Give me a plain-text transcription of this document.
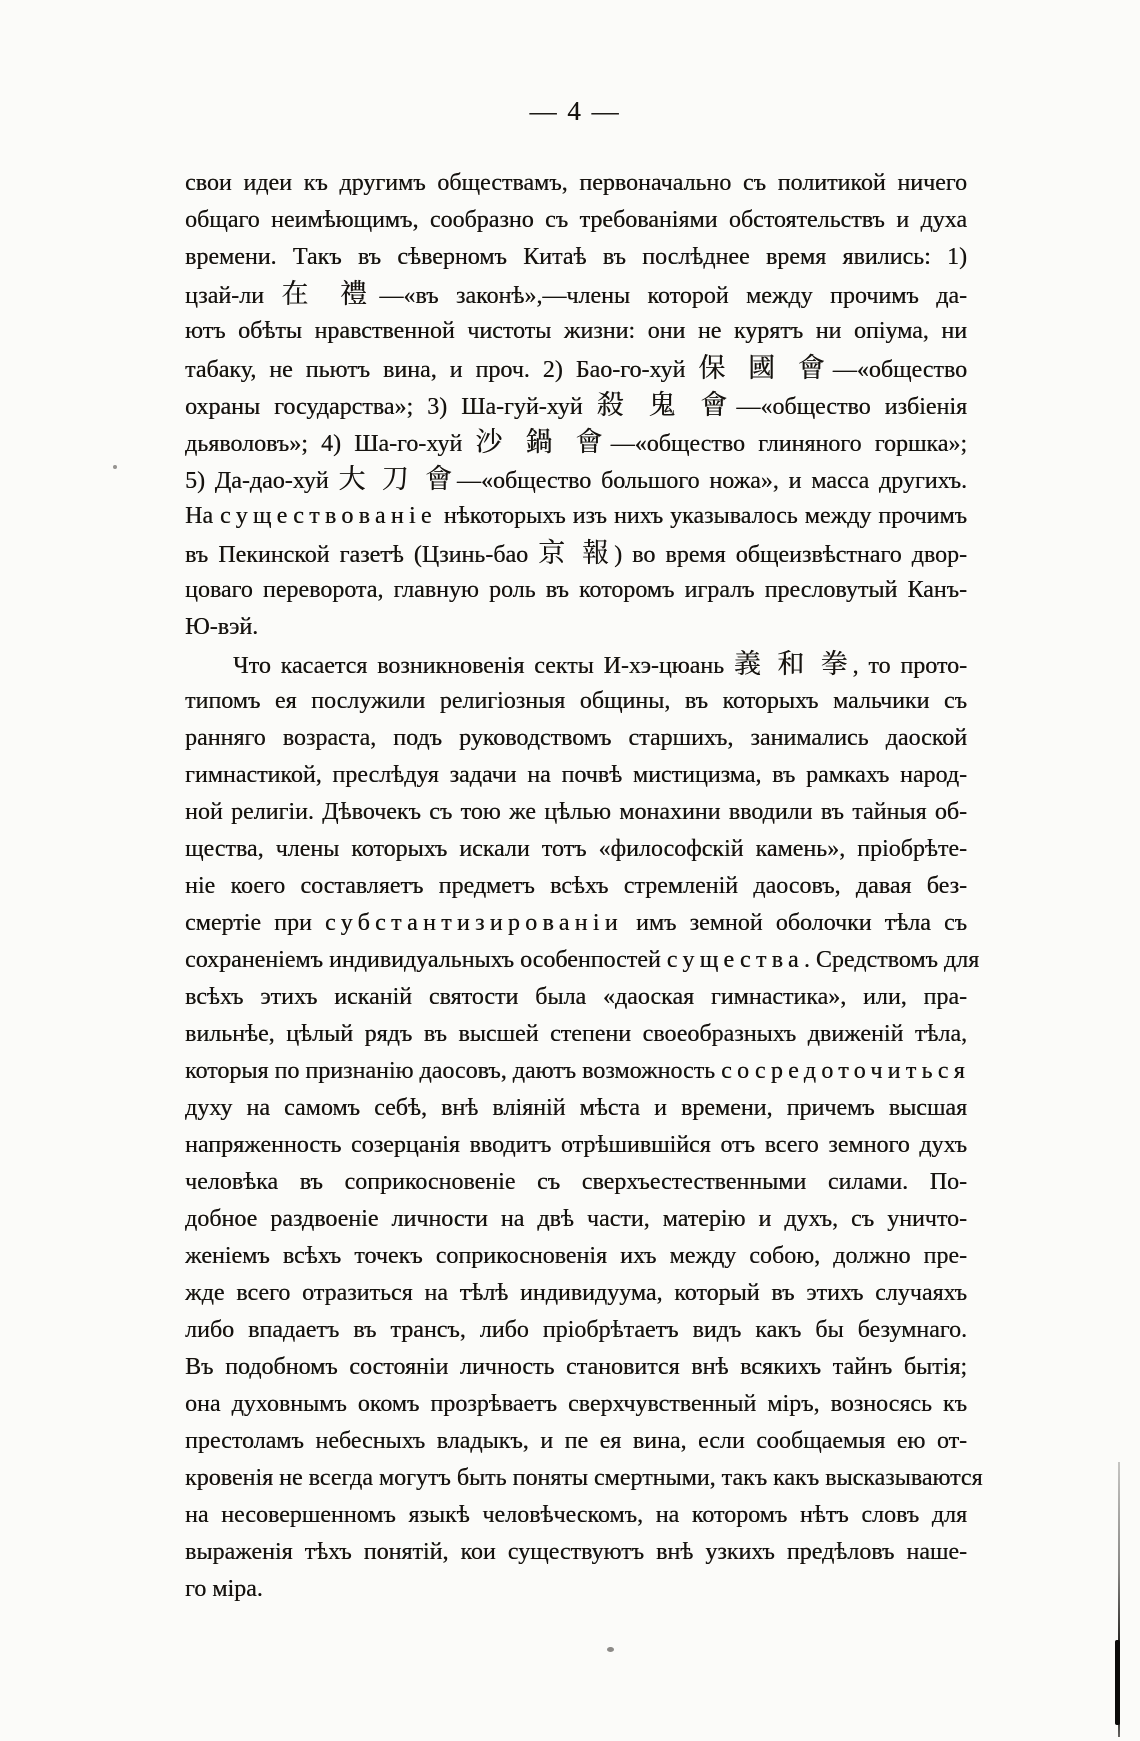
— 4 —
свои идеи къ другимъ обществамъ, первоначально съ политикой ничего
общаго неимѣющимъ, сообразно съ требованіями обстоятельствъ и духа
времени. Такъ въ сѣверномъ Китаѣ въ послѣднее время явились: 1)
цзай-ли 在 禮—«въ законѣ»,—члены которой между прочимъ да-
ютъ обѣты нравственной чистоты жизни: они не курятъ ни опіума, ни
табаку, не пьютъ вина, и проч. 2) Бао-го-хуй 保 國 會—«общество
охраны государства»; 3) Ша-гуй-хуй 殺 鬼 會—«общество избіенія
дьяволовъ»; 4) Ша-го-хуй 沙 鍋 會—«общество глиняного горшка»;
5) Да-дао-хуй 大 刀 會—«общество большого ножа», и масса другихъ.
На существованіе нѣкоторыхъ изъ нихъ указывалось между прочимъ
въ Пекинской газетѣ (Цзинь-бао 京 報) во время общеизвѣстнаго двор-
цоваго переворота, главную роль въ которомъ игралъ пресловутый Канъ-
Ю-вэй.
Что касается возникновенія секты И-хэ-цюань 義 和 拳, то прото-
типомъ ея послужили религіозныя общины, въ которыхъ мальчики съ
ранняго возраста, подъ руководствомъ старшихъ, занимались даоской
гимнастикой, преслѣдуя задачи на почвѣ мистицизма, въ рамкахъ народ-
ной религіи. Дѣвочекъ съ тою же цѣлью монахини вводили въ тайныя об-
щества, члены которыхъ искали тотъ «философскій камень», пріобрѣте-
ніе коего составляетъ предметъ всѣхъ стремленій даосовъ, давая без-
смертіе при субстантизированіи имъ земной оболочки тѣла съ
сохраненіемъ индивидуальныхъ особенпостей существа. Средствомъ для
всѣхъ этихъ исканій святости была «даоская гимнастика», или, пра-
вильнѣе, цѣлый рядъ въ высшей степени своеобразныхъ движеній тѣла,
которыя по признанію даосовъ, даютъ возможность сосредоточиться
духу на самомъ себѣ, внѣ вліяній мѣста и времени, причемъ высшая
напряженность созерцанія вводитъ отрѣшившійся отъ всего земного духъ
человѣка въ соприкосновеніе съ сверхъестественными силами. По-
добное раздвоеніе личности на двѣ части, матерію и духъ, съ уничто-
женіемъ всѣхъ точекъ соприкосновенія ихъ между собою, должно пре-
жде всего отразиться на тѣлѣ индивидуума, который въ этихъ случаяхъ
либо впадаетъ въ трансъ, либо пріобрѣтаетъ видъ какъ бы безумнаго.
Въ подобномъ состояніи личность становится внѣ всякихъ тайнъ бытія;
она духовнымъ окомъ прозрѣваетъ сверхчувственный міръ, возносясь къ
престоламъ небесныхъ владыкъ, и пе ея вина, если сообщаемыя ею от-
кровенія не всегда могутъ быть поняты смертными, такъ какъ высказываются
на несовершенномъ языкѣ человѣческомъ, на которомъ нѣтъ словъ для
выраженія тѣхъ понятій, кои существуютъ внѣ узкихъ предѣловъ наше-
го міра.
